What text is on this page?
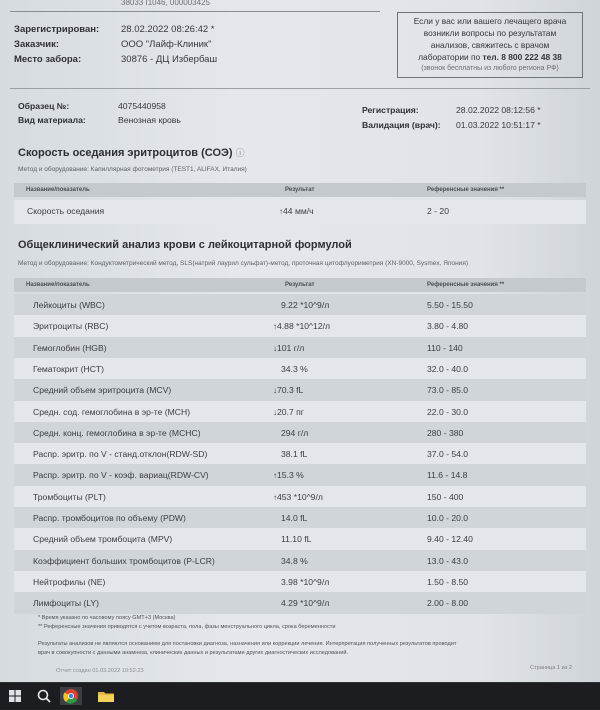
38033 I1046, 000003425
Зарегистрирован: 28.02.2022 08:26:42 *
Заказчик:	ООО "Лайф-Клиник"
Место забора:	30876 - ДЦ Избербаш
Если у вас или вашего лечащего врача
возникли вопросы по результатам
анализов, свяжитесь с врачом
лаборатории по тел. 8 800 222 48 38
(звонок бесплатны из любого региона РФ)
Образец №:	4075440958
Вид материала:	Венозная кровь
Регистрация:	28.02.2022 08:12:56 *
Валидация (врач): 01.03.2022 10:51:17 *
Скорость оседания эритроцитов (СОЭ) ⓘ
Метод и оборудование: Капиллярная фотометрия (TEST1, ALIFAX, Италия)
Название/показатель	Результат	Референсные значения **
Скорость оседания	↑44 мм/ч	2 - 20
Общеклинический анализ крови с лейкоцитарной формулой
Метод и оборудование: Кондуктометрический метод, SLS(натрий лаурил сульфат)-метод, проточная цитофлуориметрия (XN-9000, Sysmex, Япония)
Название/показатель	Результат	Референсные значения **
Лейкоциты (WBC)	9.22 *10^9/л	5.50 - 15.50
Эритроциты (RBC)	↑4.88 *10^12/л	3.80 - 4.80
Гемоглобин (HGB)	↓101 г/л	110 - 140
Гематокрит (HCT)	34.3 %	32.0 - 40.0
Средний объем эритроцита (MCV)	↓70.3 fL	73.0 - 85.0
Средн. сод. гемоглобина в эр-те (MCH)	↓20.7 пг	22.0 - 30.0
Средн. конц. гемоглобина в эр-те (MCHC)	294 г/л	280 - 380
Распр. эритр. по V - станд.отклон(RDW-SD)	38.1 fL	37.0 - 54.0
Распр. эритр. по V - коэф. вариац(RDW-CV)	↑15.3 %	11.6 - 14.8
Тромбоциты (PLT)	↑453 *10^9/л	150 - 400
Распр. тромбоцитов по объему (PDW)	14.0 fL	10.0 - 20.0
Средний объем тромбоцита (MPV)	11.10 fL	9.40 - 12.40
Коэффициент больших тромбоцитов (P-LCR)	34.8 %	13.0 - 43.0
Нейтрофилы (NE)	3.98 *10^9/л	1.50 - 8.50
Лимфоциты (LY)	4.29 *10^9/л	2.00 - 8.00
* Время указано по часовому поясу GMT+3 (Москва)
** Референсные значения приводятся с учетом возраста, пола, фазы менструального цикла, срока беременности
Результаты анализов не являются основанием для постановки диагноза, назначения или коррекции лечения. Интерпретация полученных результатов проводит
врач в совокупности с данными анамнеза, клинических данных и результатами других диагностических исследований.
Отчет создан 01.03.2022 10:52:23	Страница 1 из 2
